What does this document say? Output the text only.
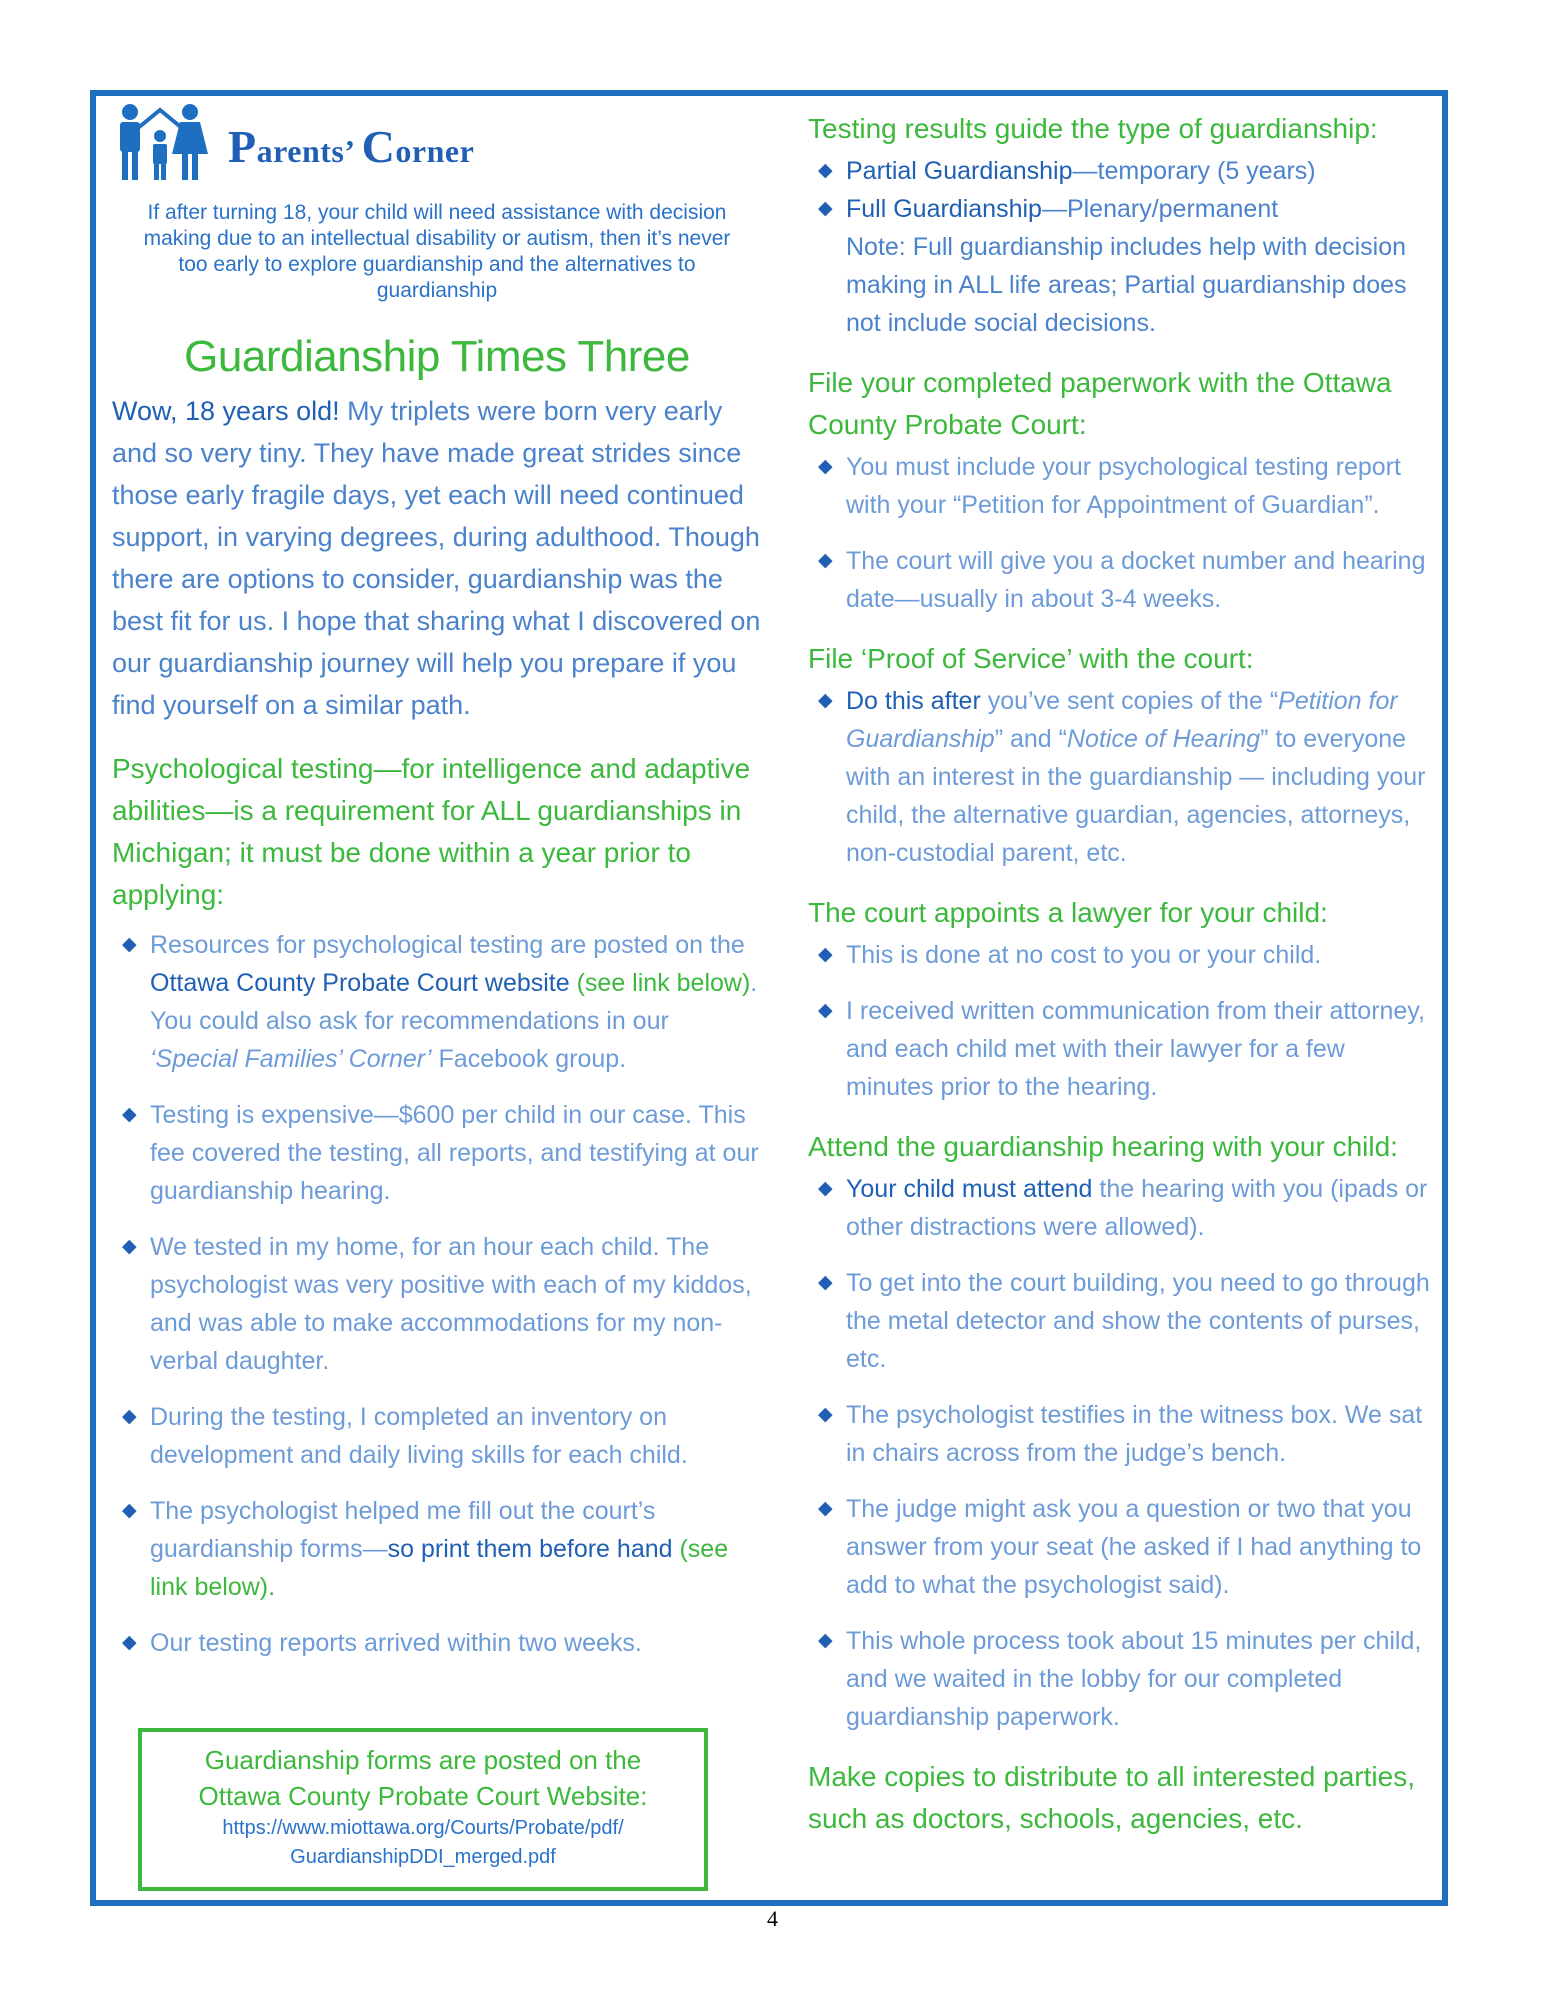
Parents’ Corner

If after turning 18, your child will need assistance with decision making due to an intellectual disability or autism, then it’s never too early to explore guardianship and the alternatives to guardianship

Guardianship Times Three

Wow, 18 years old! My triplets were born very early and so very tiny. They have made great strides since those early fragile days, yet each will need continued support, in varying degrees, during adulthood. Though there are options to consider, guardianship was the best fit for us. I hope that sharing what I discovered on our guardianship journey will help you prepare if you find yourself on a similar path.

Psychological testing—for intelligence and adaptive abilities—is a requirement for ALL guardianships in Michigan; it must be done within a year prior to applying:

◆ Resources for psychological testing are posted on the Ottawa County Probate Court website (see link below). You could also ask for recommendations in our ‘Special Families’ Corner’ Facebook group.
◆ Testing is expensive—$600 per child in our case. This fee covered the testing, all reports, and testifying at our guardianship hearing.
◆ We tested in my home, for an hour each child. The psychologist was very positive with each of my kiddos, and was able to make accommodations for my non-verbal daughter.
◆ During the testing, I completed an inventory on development and daily living skills for each child.
◆ The psychologist helped me fill out the court’s guardianship forms—so print them before hand (see link below).
◆ Our testing reports arrived within two weeks.
Guardianship forms are posted on the
Ottawa County Probate Court Website:
https://www.miottawa.org/Courts/Probate/pdf/
GuardianshipDDI_merged.pdf

Testing results guide the type of guardianship:

◆ Partial Guardianship—temporary (5 years)
◆ Full Guardianship—Plenary/permanent
Note: Full guardianship includes help with decision making in ALL life areas; Partial guardianship does not include social decisions.

File your completed paperwork with the Ottawa County Probate Court:

◆ You must include your psychological testing report with your “Petition for Appointment of Guardian”.
◆ The court will give you a docket number and hearing date—usually in about 3-4 weeks.

File ‘Proof of Service’ with the court:

◆ Do this after you’ve sent copies of the “Petition for Guardianship” and “Notice of Hearing” to everyone with an interest in the guardianship — including your child, the alternative guardian, agencies, attorneys, non-custodial parent, etc.

The court appoints a lawyer for your child:

◆ This is done at no cost to you or your child.
◆ I received written communication from their attorney, and each child met with their lawyer for a few minutes prior to the hearing.

Attend the guardianship hearing with your child:

◆ Your child must attend the hearing with you (ipads or other distractions were allowed).
◆ To get into the court building, you need to go through the metal detector and show the contents of purses, etc.
◆ The psychologist testifies in the witness box. We sat in chairs across from the judge’s bench.
◆ The judge might ask you a question or two that you answer from your seat (he asked if I had anything to add to what the psychologist said).
◆ This whole process took about 15 minutes per child, and we waited in the lobby for our completed guardianship paperwork.

Make copies to distribute to all interested parties, such as doctors, schools, agencies, etc.

4
